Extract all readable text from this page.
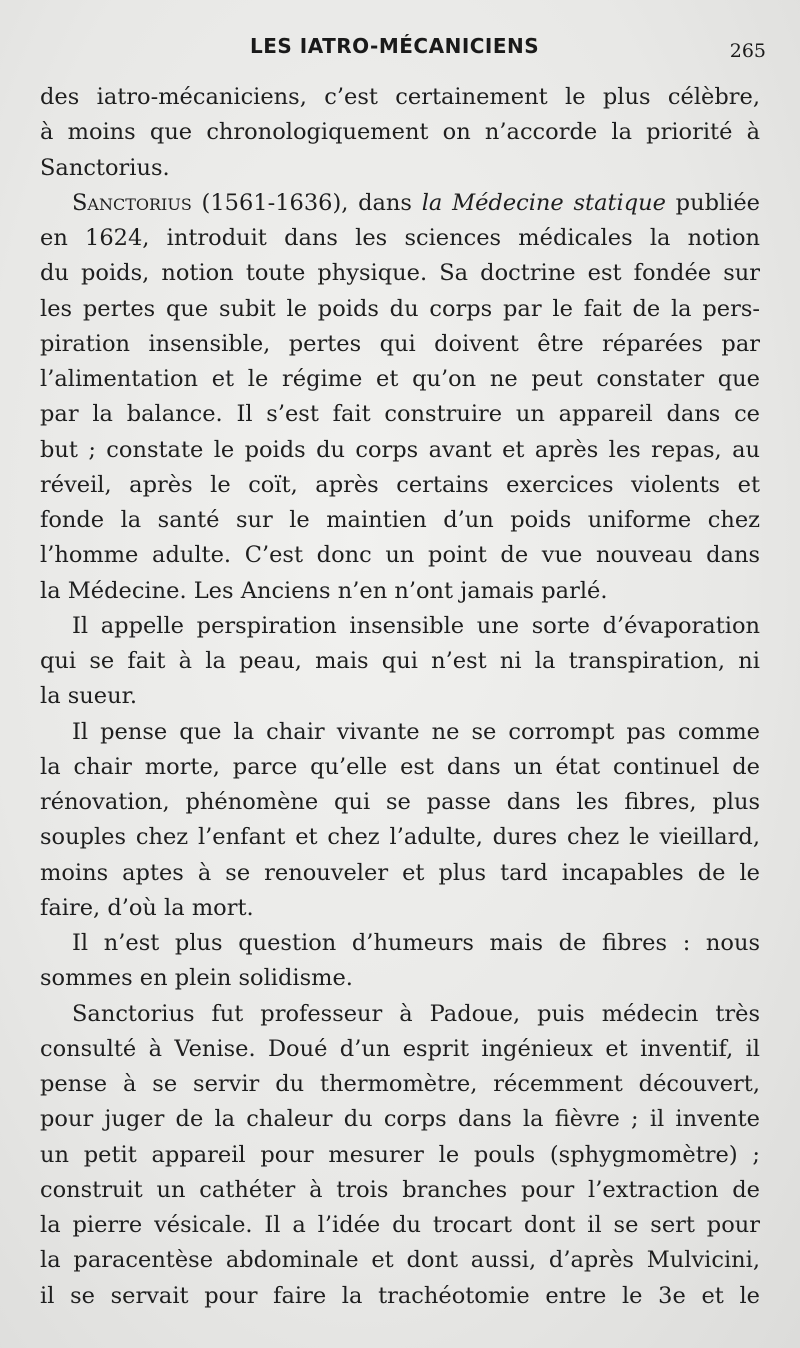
LES IATRO-MÉCANICIENS	265
des iatro-mécaniciens, c’est certainement le plus célèbre,
à moins que chronologiquement on n’accorde la priorité à
Sanctorius.
Sanctorius (1561-1636), dans la Médecine statique publiée
en 1624, introduit dans les sciences médicales la notion
du poids, notion toute physique. Sa doctrine est fondée sur
les pertes que subit le poids du corps par le fait de la pers-
piration insensible, pertes qui doivent être réparées par
l’alimentation et le régime et qu’on ne peut constater que
par la balance. Il s’est fait construire un appareil dans ce
but ; constate le poids du corps avant et après les repas, au
réveil, après le coït, après certains exercices violents et
fonde la santé sur le maintien d’un poids uniforme chez
l’homme adulte. C’est donc un point de vue nouveau dans
la Médecine. Les Anciens n’en n’ont jamais parlé.
Il appelle perspiration insensible une sorte d’évaporation
qui se fait à la peau, mais qui n’est ni la transpiration, ni
la sueur.
Il pense que la chair vivante ne se corrompt pas comme
la chair morte, parce qu’elle est dans un état continuel de
rénovation, phénomène qui se passe dans les fibres, plus
souples chez l’enfant et chez l’adulte, dures chez le vieillard,
moins aptes à se renouveler et plus tard incapables de le
faire, d’où la mort.
Il n’est plus question d’humeurs mais de fibres : nous
sommes en plein solidisme.
Sanctorius fut professeur à Padoue, puis médecin très
consulté à Venise. Doué d’un esprit ingénieux et inventif, il
pense à se servir du thermomètre, récemment découvert,
pour juger de la chaleur du corps dans la fièvre ; il invente
un petit appareil pour mesurer le pouls (sphygmomètre) ;
construit un cathéter à trois branches pour l’extraction de
la pierre vésicale. Il a l’idée du trocart dont il se sert pour
la paracentèse abdominale et dont aussi, d’après Mulvicini,
il se servait pour faire la trachéotomie entre le 3e et le
